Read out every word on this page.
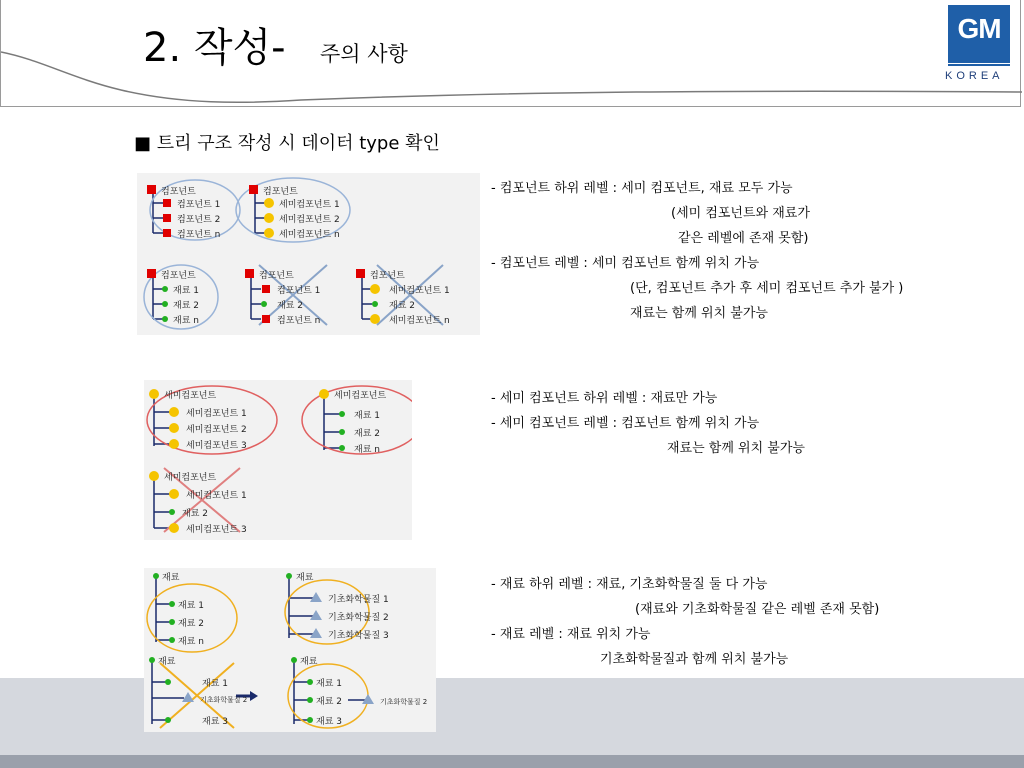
2. 작성- 주의 사항
GM
KOREA
■ 트리 구조 작성 시 데이터 type 확인
컴포넌트
컴포넌트 1
컴포넌트 2
컴포넌트 n
컴포넌트
세미컴포넌트 1
세미컴포넌트 2
세미컴포넌트 n
컴포넌트
재료 1
재료 2
재료 n
컴포넌트
컴포넌트 1
재료 2
컴포넌트 n
컴포넌트
세미컴포넌트 1
재료 2
세미컴포넌트 n
- 컴포넌트 하위 레벨 : 세미 컴포넌트, 재료 모두 가능
(세미 컴포넌트와 재료가
같은 레벨에 존재 못함)
- 컴포넌트 레벨 : 세미 컴포넌트 함께 위치 가능
(단, 컴포넌트 추가 후 세미 컴포넌트 추가 불가 )
재료는 함께 위치 불가능
세미컴포넌트
세미컴포넌트 1
세미컴포넌트 2
세미컴포넌트 3
세미컴포넌트
재료 1
재료 2
재료 n
세미컴포넌트
세미컴포넌트 1
재료 2
세미컴포넌트 3
- 세미 컴포넌트 하위 레벨 : 재료만 가능
- 세미 컴포넌트 레벨 : 컴포넌트 함께 위치 가능
재료는 함께 위치 불가능
재료
재료 1
재료 2
재료 n
재료
기초화학물질 1
기초화학물질 2
기초화학물질 3
재료
재료 1
기초화학물질 2
재료 3
재료
재료 1
재료 2	기초화학물질 2
재료 3
- 재료 하위 레벨 : 재료, 기초화학물질 둘 다 가능
(재료와 기초화학물질 같은 레벨 존재 못함)
- 재료 레벨 : 재료 위치 가능
기초화학물질과 함께 위치 불가능
